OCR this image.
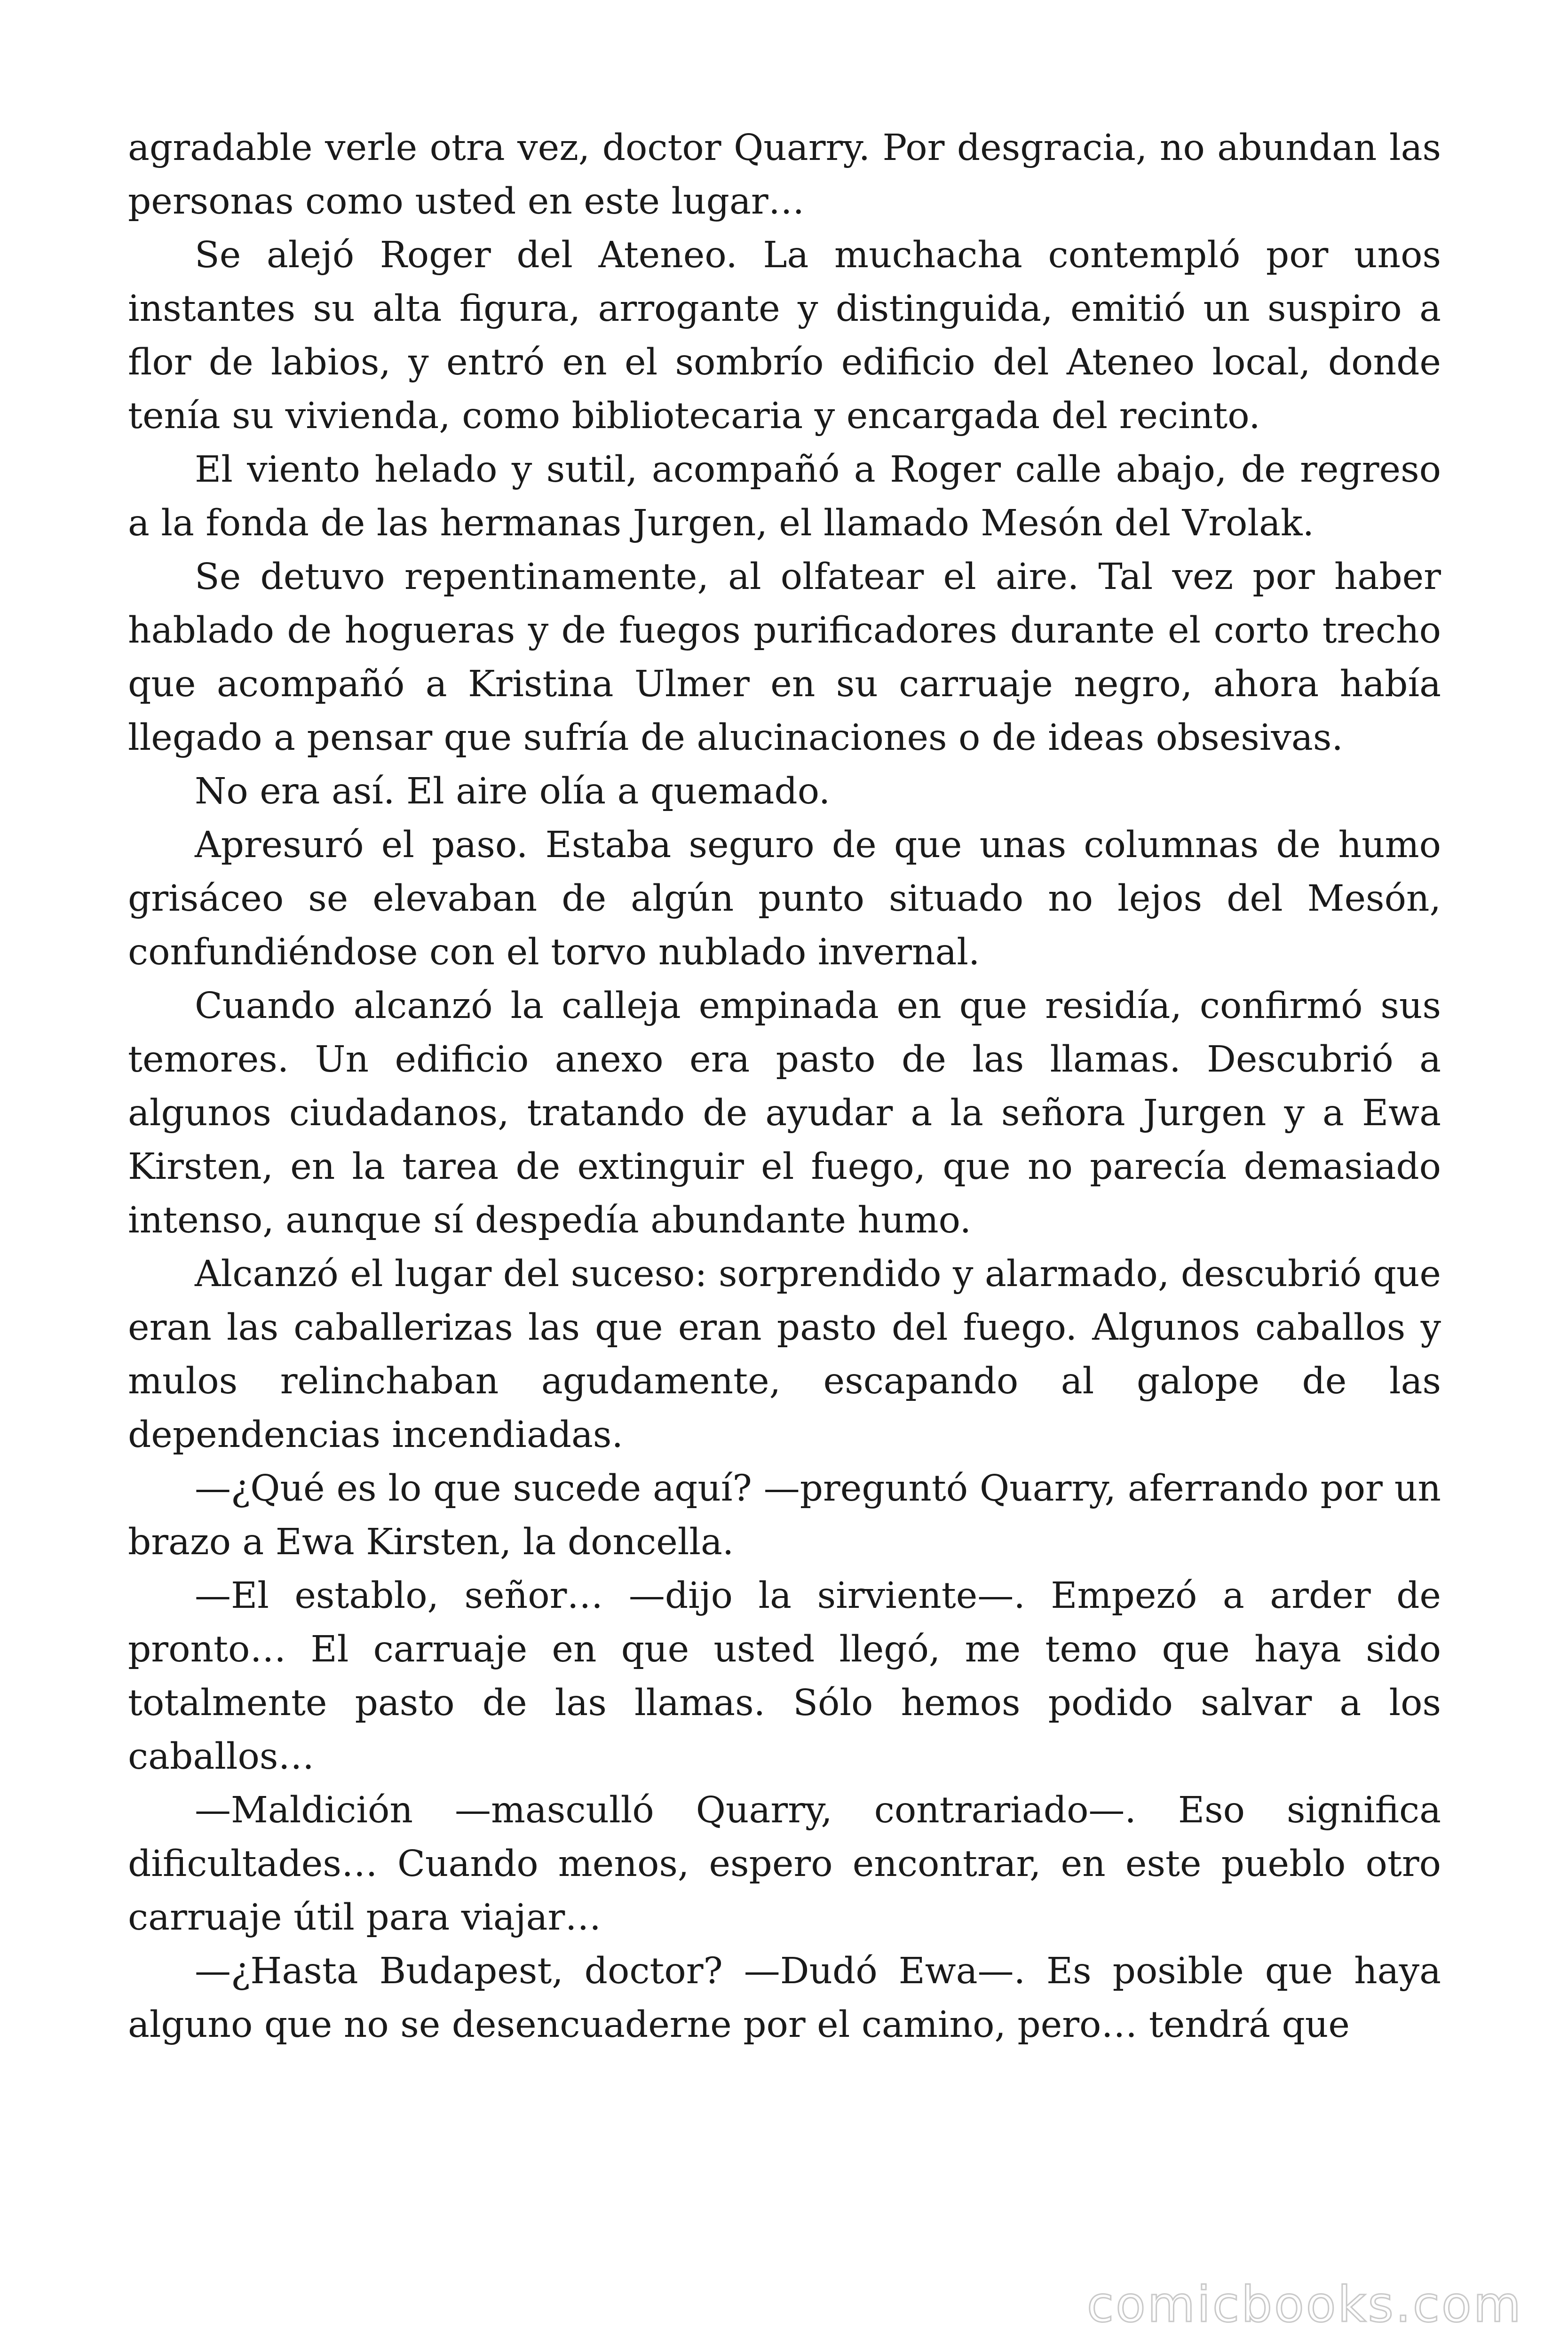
agradable verle otra vez, doctor Quarry. Por desgracia, no abundan las personas como usted en este lugar…

Se alejó Roger del Ateneo. La muchacha contempló por unos instantes su alta figura, arrogante y distinguida, emitió un suspiro a flor de labios, y entró en el sombrío edificio del Ateneo local, donde tenía su vivienda, como bibliotecaria y encargada del recinto.

El viento helado y sutil, acompañó a Roger calle abajo, de regreso a la fonda de las hermanas Jurgen, el llamado Mesón del Vrolak.

Se detuvo repentinamente, al olfatear el aire. Tal vez por haber hablado de hogueras y de fuegos purificadores durante el corto trecho que acompañó a Kristina Ulmer en su carruaje negro, ahora había llegado a pensar que sufría de alucinaciones o de ideas obsesivas.

No era así. El aire olía a quemado.

Apresuró el paso. Estaba seguro de que unas columnas de humo grisáceo se elevaban de algún punto situado no lejos del Mesón, confundiéndose con el torvo nublado invernal.

Cuando alcanzó la calleja empinada en que residía, confirmó sus temores. Un edificio anexo era pasto de las llamas. Descubrió a algunos ciudadanos, tratando de ayudar a la señora Jurgen y a Ewa Kirsten, en la tarea de extinguir el fuego, que no parecía demasiado intenso, aunque sí despedía abundante humo.

Alcanzó el lugar del suceso: sorprendido y alarmado, descubrió que eran las caballerizas las que eran pasto del fuego. Algunos caballos y mulos relinchaban agudamente, escapando al galope de las dependencias incendiadas.

—¿Qué es lo que sucede aquí? —preguntó Quarry, aferrando por un brazo a Ewa Kirsten, la doncella.

—El establo, señor… —dijo la sirviente—. Empezó a arder de pronto… El carruaje en que usted llegó, me temo que haya sido totalmente pasto de las llamas. Sólo hemos podido salvar a los caballos…

—Maldición —masculló Quarry, contrariado—. Eso significa dificultades… Cuando menos, espero encontrar, en este pueblo otro carruaje útil para viajar…

—¿Hasta Budapest, doctor? —Dudó Ewa—. Es posible que haya alguno que no se desencuaderne por el camino, pero… tendrá que

comicbooks.com
